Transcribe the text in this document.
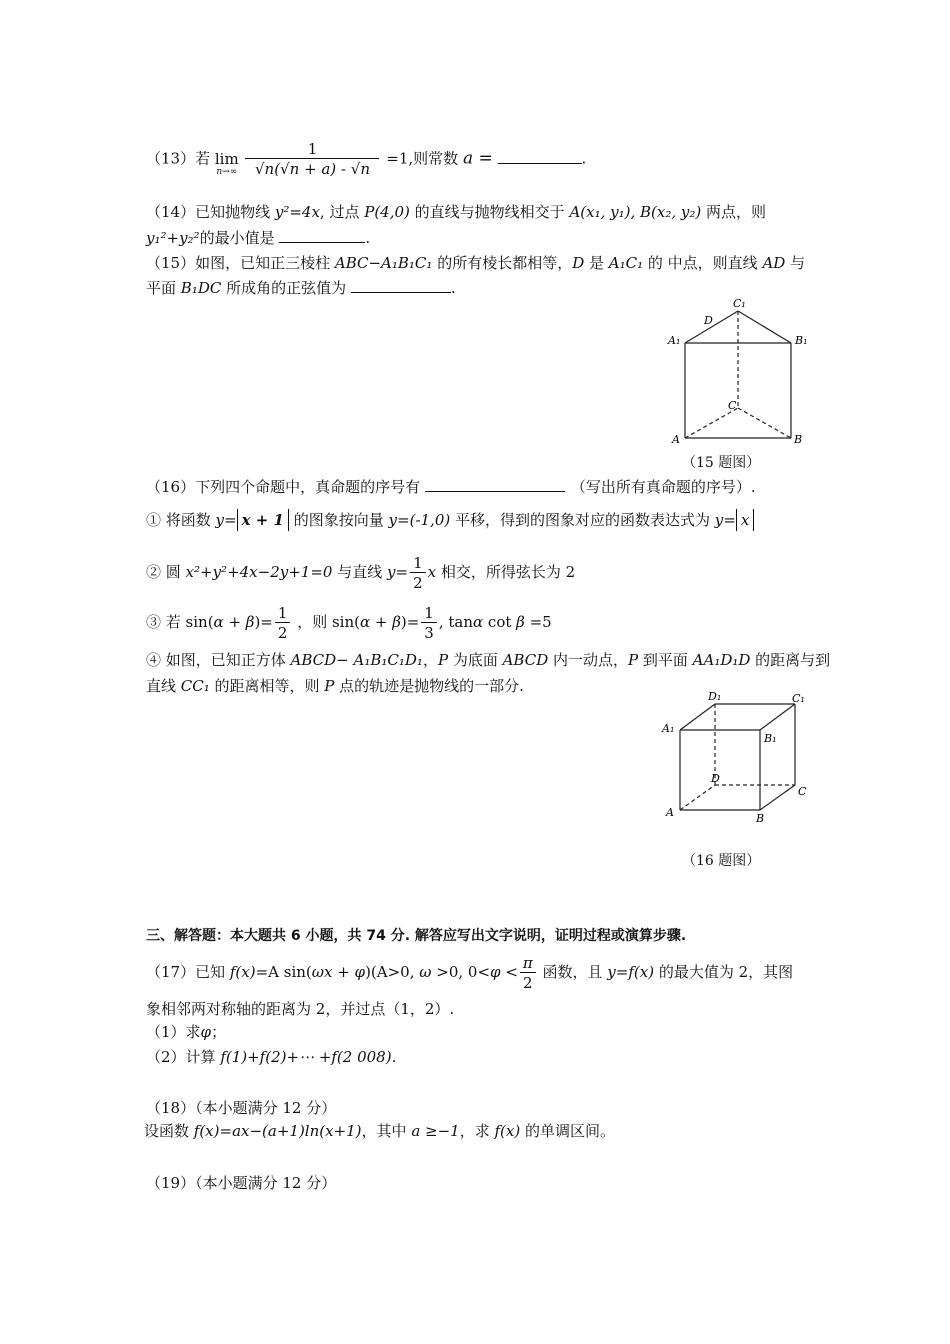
（13）若 lim
n→∞
$\frac{1}{√n(√n + a) - √n} =1$,则常数 a =	.
（14）已知抛物线 y²=4x, 过点 P(4,0) 的直线与抛物线相交于 A(x₁, y₁), B(x₂, y₂) 两点，则
y₁²+y₂²的最小值是	.
（15）如图，已知正三棱柱 ABC−A₁B₁C₁ 的所有棱长都相等，D 是 A₁C₁ 的 中点，则直线 AD 与
平面 B₁DC 所成角的正弦值为	.
C₁
D
A₁	B₁
C
A	B
（15 题图）
（16）下列四个命题中，真命题的序号有	（写出所有真命题的序号）.
① 将函数 y= x + 1 的图象按向量 y=(-1,0) 平移，得到的图象对应的函数表达式为 y= x
② 圆 x²+y²+4x−2y+1=0 与直线 $y= \frac{1}{2}$ x 相交，所得弦长为 2
③ 若 $\sin(\alpha + \beta)= \frac{1}{2}$ ，则 $\sin(\alpha + \beta)= \frac{1}{3}$ , tanα cot β =5
④ 如图，已知正方体 ABCD− A₁B₁C₁D₁，P 为底面 ABCD 内一动点，P 到平面 AA₁D₁D 的距离与到
直线 CC₁ 的距离相等，则 P 点的轨迹是抛物线的一部分.
D₁	C₁
A₁
B₁
D
C
A	B
（16 题图）
三、解答题：本大题共 6 小题，共 74 分. 解答应写出文字说明，证明过程或演算步骤.
（17）已知 f(x)=A sin(ωx + φ)(A>0, ω >0, $0<\varphi < \frac{\pi}{2}$ 函数，且 y=f(x) 的最大值为 2，其图
象相邻两对称轴的距离为 2，并过点（1，2）.
（1）求φ；
（2）计算 f(1)+f(2)+⋯ +f(2 008).
（18）（本小题满分 12 分）
设函数 f(x)=ax−(a+1)ln(x+1)，其中 a ≥−1，求 f(x) 的单调区间。
（19）（本小题满分 12 分）
